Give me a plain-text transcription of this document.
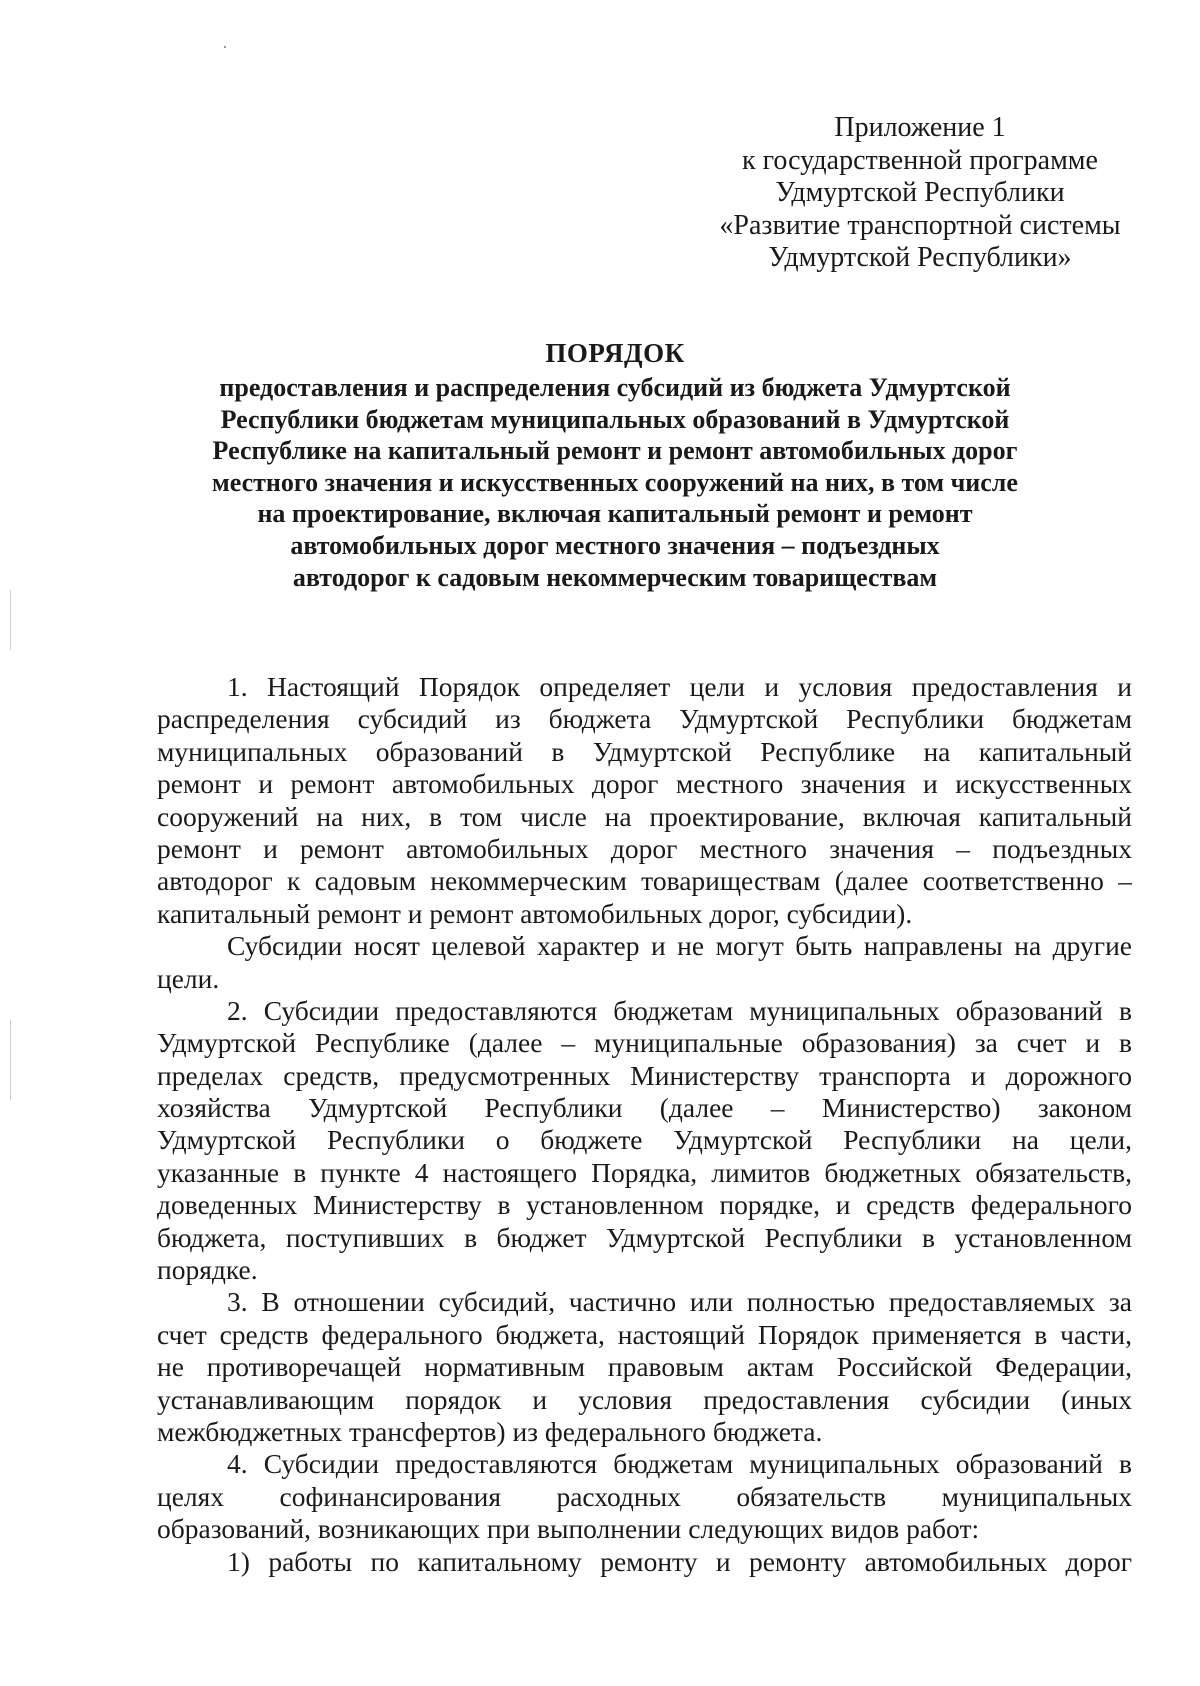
Приложение 1
к государственной программе
Удмуртской Республики
«Развитие транспортной системы
Удмуртской Республики»
ПОРЯДОК
предоставления и распределения субсидий из бюджета Удмуртской
Республики бюджетам муниципальных образований в Удмуртской
Республике на капитальный ремонт и ремонт автомобильных дорог
местного значения и искусственных сооружений на них, в том числе
на проектирование, включая капитальный ремонт и ремонт
автомобильных дорог местного значения – подъездных
автодорог к садовым некоммерческим товариществам
1. Настоящий Порядок определяет цели и условия предоставления и
распределения субсидий из бюджета Удмуртской Республики бюджетам
муниципальных образований в Удмуртской Республике на капитальный
ремонт и ремонт автомобильных дорог местного значения и искусственных
сооружений на них, в том числе на проектирование, включая капитальный
ремонт и ремонт автомобильных дорог местного значения – подъездных
автодорог к садовым некоммерческим товариществам (далее соответственно –
капитальный ремонт и ремонт автомобильных дорог, субсидии).
Субсидии носят целевой характер и не могут быть направлены на другие
цели.
2. Субсидии предоставляются бюджетам муниципальных образований в
Удмуртской Республике (далее – муниципальные образования) за счет и в
пределах средств, предусмотренных Министерству транспорта и дорожного
хозяйства Удмуртской Республики (далее – Министерство) законом
Удмуртской Республики о бюджете Удмуртской Республики на цели,
указанные в пункте 4 настоящего Порядка, лимитов бюджетных обязательств,
доведенных Министерству в установленном порядке, и средств федерального
бюджета, поступивших в бюджет Удмуртской Республики в установленном
порядке.
3. В отношении субсидий, частично или полностью предоставляемых за
счет средств федерального бюджета, настоящий Порядок применяется в части,
не противоречащей нормативным правовым актам Российской Федерации,
устанавливающим порядок и условия предоставления субсидии (иных
межбюджетных трансфертов) из федерального бюджета.
4. Субсидии предоставляются бюджетам муниципальных образований в
целях софинансирования расходных обязательств муниципальных
образований, возникающих при выполнении следующих видов работ:
1) работы по капитальному ремонту и ремонту автомобильных дорог
